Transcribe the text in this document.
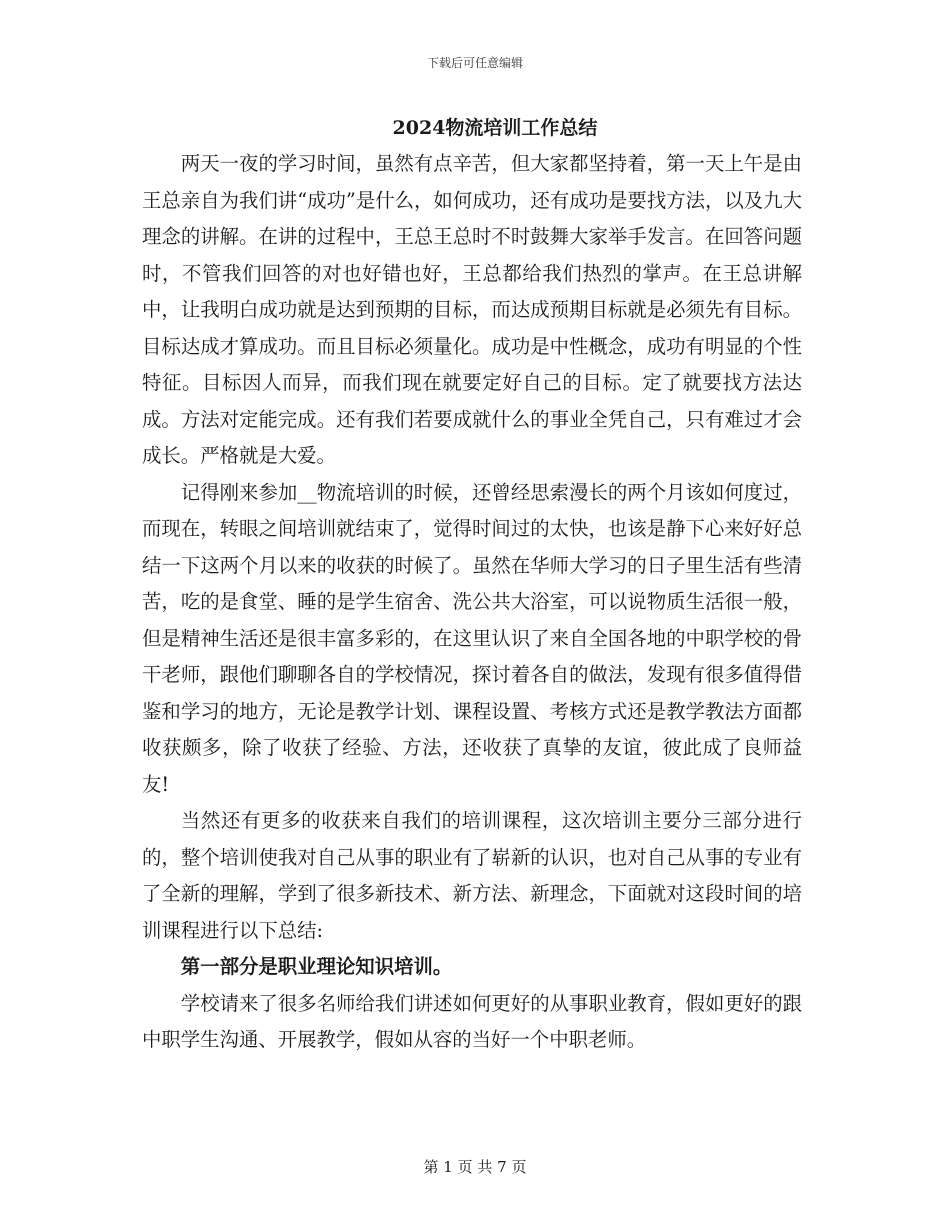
下载后可任意编辑
2024物流培训工作总结

两天一夜的学习时间，虽然有点辛苦，但大家都坚持着，第一天上午是由王总亲自为我们讲“成功”是什么，如何成功，还有成功是要找方法，以及九大理念的讲解。在讲的过程中，王总王总时不时鼓舞大家举手发言。在回答问题时，不管我们回答的对也好错也好，王总都给我们热烈的掌声。在王总讲解中，让我明白成功就是达到预期的目标，而达成预期目标就是必须先有目标。目标达成才算成功。而且目标必须量化。成功是中性概念，成功有明显的个性特征。目标因人而异，而我们现在就要定好自己的目标。定了就要找方法达成。方法对定能完成。还有我们若要成就什么的事业全凭自己，只有难过才会成长。严格就是大爱。

记得刚来参加__物流培训的时候，还曾经思索漫长的两个月该如何度过，而现在，转眼之间培训就结束了，觉得时间过的太快，也该是静下心来好好总结一下这两个月以来的收获的时候了。虽然在华师大学习的日子里生活有些清苦，吃的是食堂、睡的是学生宿舍、洗公共大浴室，可以说物质生活很一般，但是精神生活还是很丰富多彩的，在这里认识了来自全国各地的中职学校的骨干老师，跟他们聊聊各自的学校情况，探讨着各自的做法，发现有很多值得借鉴和学习的地方，无论是教学计划、课程设置、考核方式还是教学教法方面都收获颇多，除了收获了经验、方法，还收获了真挚的友谊，彼此成了良师益友!

当然还有更多的收获来自我们的培训课程，这次培训主要分三部分进行的，整个培训使我对自己从事的职业有了崭新的认识，也对自己从事的专业有了全新的理解，学到了很多新技术、新方法、新理念，下面就对这段时间的培训课程进行以下总结:

第一部分是职业理论知识培训。

学校请来了很多名师给我们讲述如何更好的从事职业教育，假如更好的跟中职学生沟通、开展教学，假如从容的当好一个中职老师。

第 1 页 共 7 页
